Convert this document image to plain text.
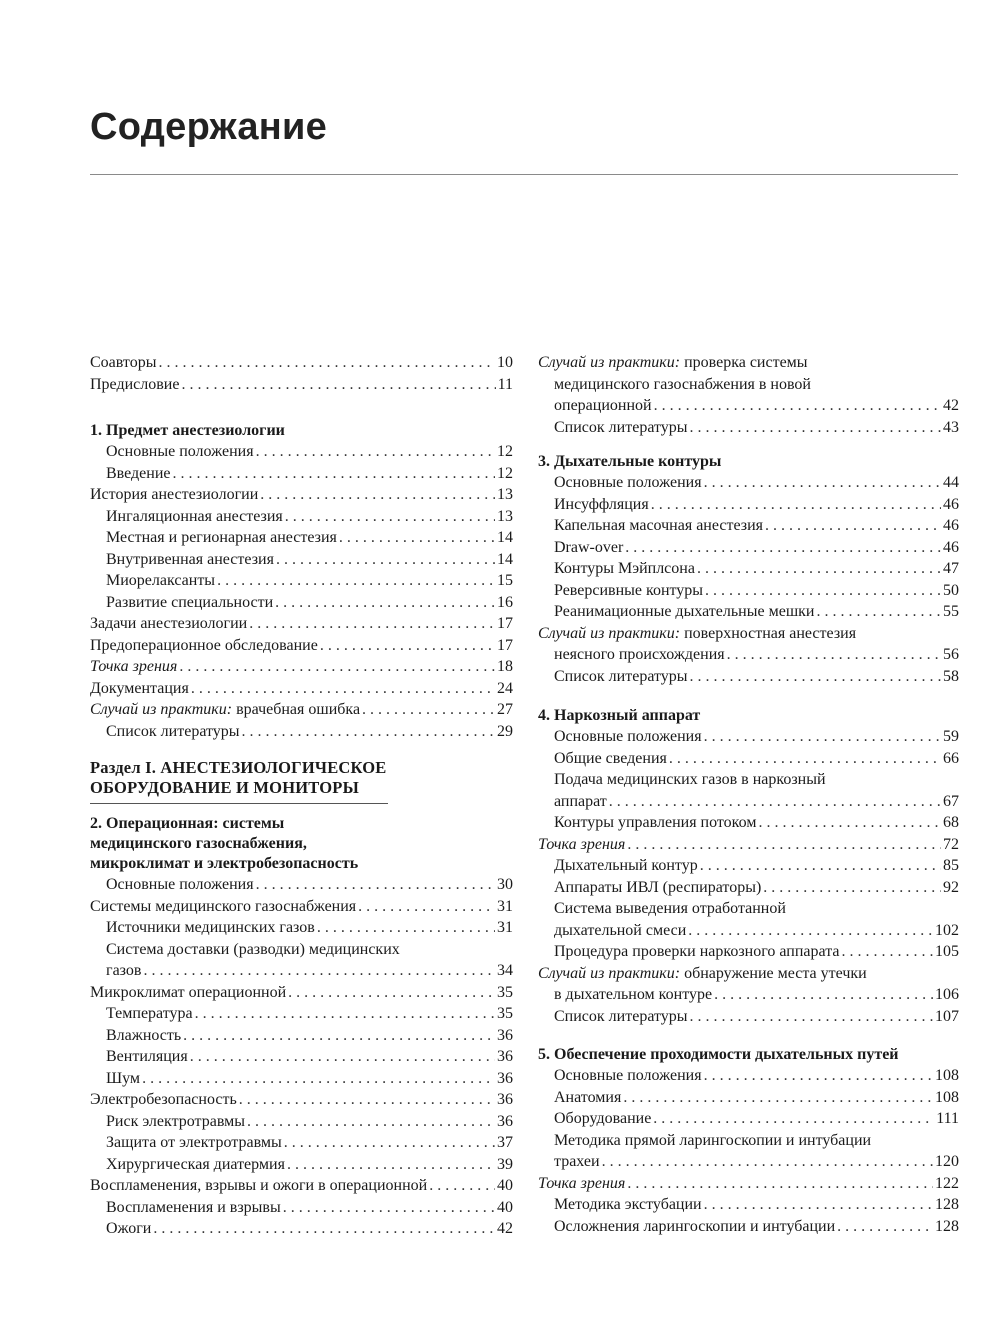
Содержание
Соавторы . . .	10
Предисловие . . .	11
1. Предмет анестезиологии
Основные положения . . .	12
Введение . . .	12
История анестезиологии . . .	13
Ингаляционная анестезия . . .	13
Местная и регионарная анестезия . . .	14
Внутривенная анестезия . . .	14
Миорелаксанты . . .	15
Развитие специальности . . .	16
Задачи анестезиологии . . .	17
Предоперационное обследование . . .	17
Точка зрения . . .	18
Документация . . .	24
Случай из практики: врачебная ошибка . . .	27
Список литературы . . .	29
Раздел I. АНЕСТЕЗИОЛОГИЧЕСКОЕ
ОБОРУДОВАНИЕ И МОНИТОРЫ
2. Операционная: системы
медицинского газоснабжения,
микроклимат и электробезопасность
Основные положения . . .	30
Системы медицинского газоснабжения . . .	31
Источники медицинских газов . . .	31
Система доставки (разводки) медицинских
газов . . .	34
Микроклимат операционной . . .	35
Температура . . .	35
Влажность . . .	36
Вентиляция . . .	36
Шум . . .	36
Электробезопасность . . .	36
Риск электротравмы . . .	36
Защита от электротравмы . . .	37
Хирургическая диатермия . . .	39
Воспламенения, взрывы и ожоги в операционной . . .	40
Воспламенения и взрывы . . .	40
Ожоги . . .	42
Случай из практики: проверка системы
медицинского газоснабжения в новой
операционной . . .	42
Список литературы . . .	43
3. Дыхательные контуры
Основные положения . . .	44
Инсуффляция . . .	46
Капельная масочная анестезия . . .	46
Draw-over . . .	46
Контуры Мэйплсона . . .	47
Реверсивные контуры . . .	50
Реанимационные дыхательные мешки . . .	55
Случай из практики: поверхностная анестезия
неясного происхождения . . .	56
Список литературы . . .	58
4. Наркозный аппарат
Основные положения . . .	59
Общие сведения . . .	66
Подача медицинских газов в наркозный
аппарат . . .	67
Контуры управления потоком . . .	68
Точка зрения . . .	72
Дыхательный контур . . .	85
Аппараты ИВЛ (респираторы) . . .	92
Система выведения отработанной
дыхательной смеси . . .	102
Процедура проверки наркозного аппарата . . .	105
Случай из практики: обнаружение места утечки
в дыхательном контуре . . .	106
Список литературы . . .	107
5. Обеспечение проходимости дыхательных путей
Основные положения . . .	108
Анатомия . . .	108
Оборудование . . .	111
Методика прямой ларингоскопии и интубации
трахеи . . .	120
Точка зрения . . .	122
Методика экстубации . . .	128
Осложнения ларингоскопии и интубации . . .	128
